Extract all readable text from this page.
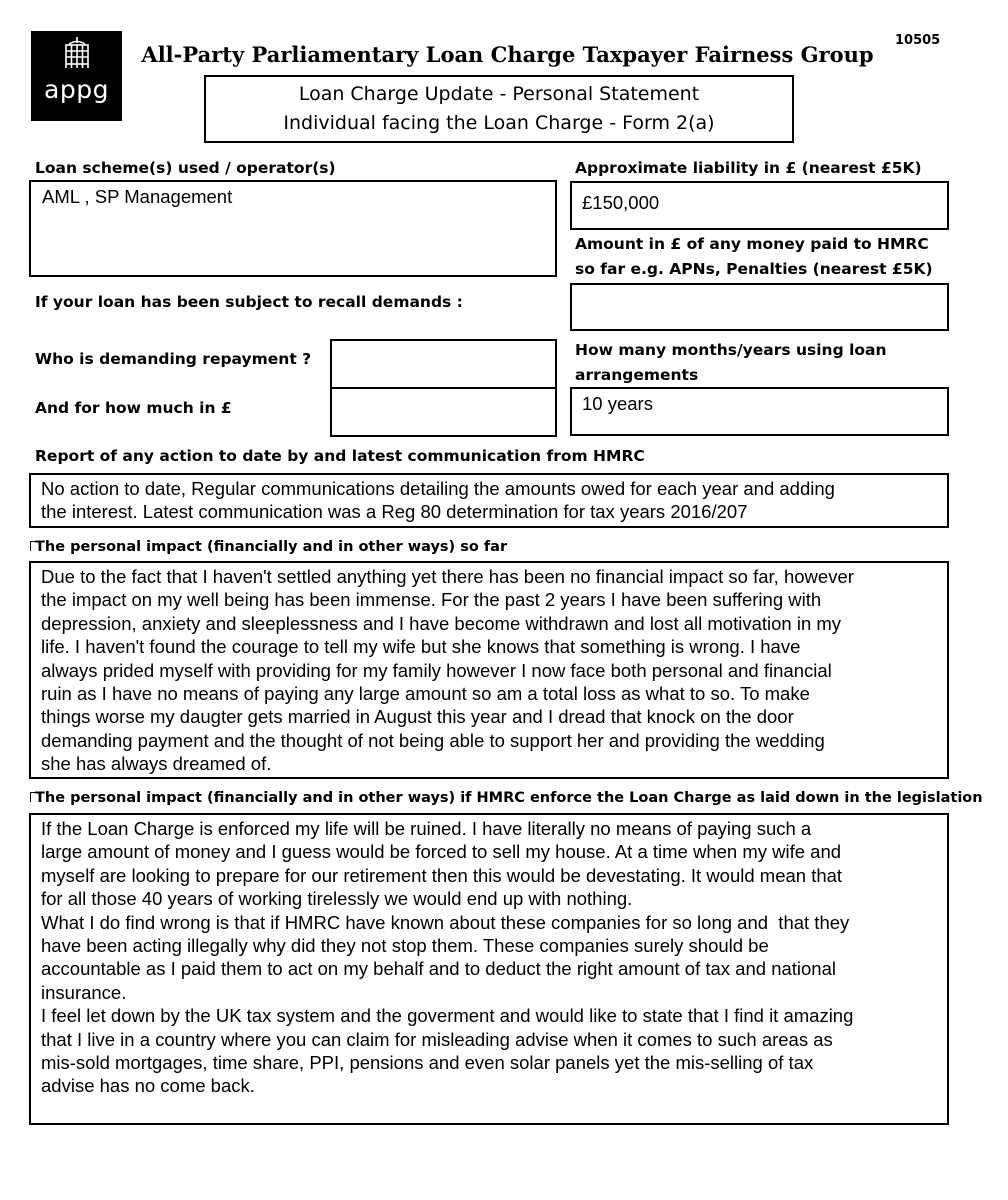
appg
10505
All-Party Parliamentary Loan Charge Taxpayer Fairness Group
Loan Charge Update - Personal Statement
Individual facing the Loan Charge - Form 2(a)
Loan scheme(s) used / operator(s)
AML , SP Management
Approximate liability in £ (nearest £5K)
£150,000
Amount in £ of any money paid to HMRC
so far e.g. APNs, Penalties (nearest £5K)
If your loan has been subject to recall demands :
Who is demanding repayment ?
And for how much in £
How many months/years using loan
arrangements
10 years
Report of any action to date by and latest communication from HMRC
No action to date, Regular communications detailing the amounts owed for each year and adding
the interest. Latest communication was a Reg 80 determination for tax years 2016/207
The personal impact (financially and in other ways) so far
Due to the fact that I haven't settled anything yet there has been no financial impact so far, however
the impact on my well being has been immense. For the past 2 years I have been suffering with
depression, anxiety and sleeplessness and I have become withdrawn and lost all motivation in my
life. I haven't found the courage to tell my wife but she knows that something is wrong. I have
always prided myself with providing for my family however I now face both personal and financial
ruin as I have no means of paying any large amount so am a total loss as what to so. To make
things worse my daugter gets married in August this year and I dread that knock on the door
demanding payment and the thought of not being able to support her and providing the wedding
she has always dreamed of.
The personal impact (financially and in other ways) if HMRC enforce the Loan Charge as laid down in the legislation
If the Loan Charge is enforced my life will be ruined. I have literally no means of paying such a
large amount of money and I guess would be forced to sell my house. At a time when my wife and
myself are looking to prepare for our retirement then this would be devestating. It would mean that
for all those 40 years of working tirelessly we would end up with nothing.
What I do find wrong is that if HMRC have known about these companies for so long and  that they
have been acting illegally why did they not stop them. These companies surely should be
accountable as I paid them to act on my behalf and to deduct the right amount of tax and national
insurance.
I feel let down by the UK tax system and the goverment and would like to state that I find it amazing
that I live in a country where you can claim for misleading advise when it comes to such areas as
mis-sold mortgages, time share, PPI, pensions and even solar panels yet the mis-selling of tax
advise has no come back.
